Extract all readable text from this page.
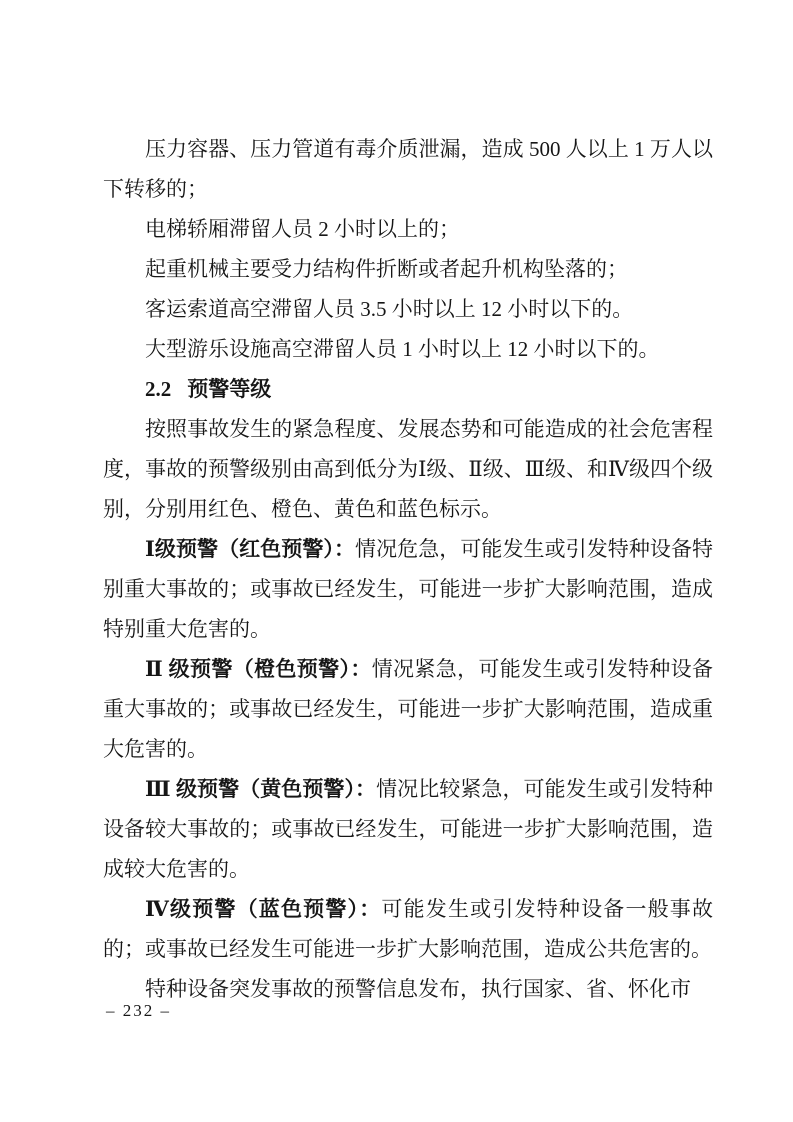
压力容器、压力管道有毒介质泄漏，造成 500 人以上 1 万人以下转移的；

电梯轿厢滞留人员 2 小时以上的；

起重机械主要受力结构件折断或者起升机构坠落的；

客运索道高空滞留人员 3.5 小时以上 12 小时以下的。

大型游乐设施高空滞留人员 1 小时以上 12 小时以下的。

2.2 预警等级

按照事故发生的紧急程度、发展态势和可能造成的社会危害程度，事故的预警级别由高到低分为Ⅰ级、Ⅱ级、Ⅲ级、和Ⅳ级四个级别，分别用红色、橙色、黄色和蓝色标示。

Ⅰ级预警（红色预警）：情况危急，可能发生或引发特种设备特别重大事故的；或事故已经发生，可能进一步扩大影响范围，造成特别重大危害的。

Ⅱ 级预警（橙色预警）：情况紧急，可能发生或引发特种设备重大事故的；或事故已经发生，可能进一步扩大影响范围，造成重大危害的。

Ⅲ 级预警（黄色预警）：情况比较紧急，可能发生或引发特种设备较大事故的；或事故已经发生，可能进一步扩大影响范围，造成较大危害的。

Ⅳ级预警（蓝色预警）：可能发生或引发特种设备一般事故的；或事故已经发生可能进一步扩大影响范围，造成公共危害的。

特种设备突发事故的预警信息发布，执行国家、省、怀化市

– 232 –
